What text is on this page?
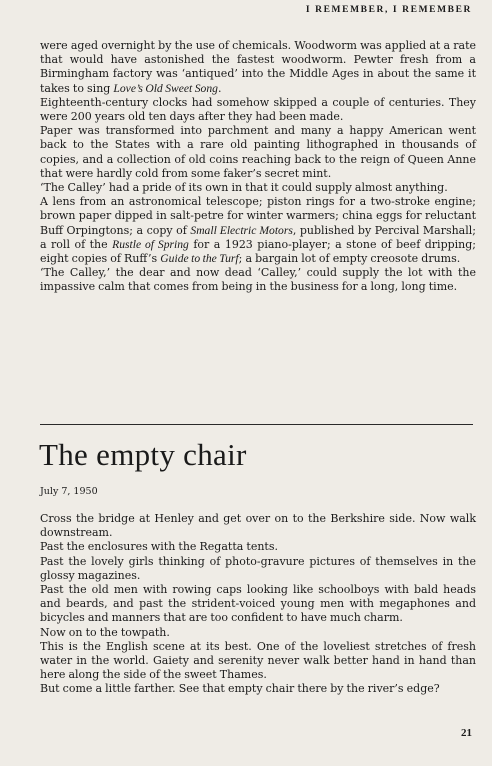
I REMEMBER, I REMEMBER

were aged overnight by the use of chemicals. Woodworm was applied at a rate that would have astonished the fastest woodworm. Pewter fresh from a Birmingham factory was ‘antiqued’ into the Middle Ages in about the same it takes to sing Love’s Old Sweet Song.

Eighteenth-century clocks had somehow skipped a couple of centuries. They were 200 years old ten days after they had been made.

Paper was transformed into parchment and many a happy American went back to the States with a rare old painting lithographed in thousands of copies, and a collection of old coins reaching back to the reign of Queen Anne that were hardly cold from some faker’s secret mint.

‘The Calley’ had a pride of its own in that it could supply almost anything.

A lens from an astronomical telescope; piston rings for a two-stroke engine; brown paper dipped in salt-petre for winter warmers; china eggs for reluctant Buff Orpingtons; a copy of Small Electric Motors, published by Percival Marshall; a roll of the Rustle of Spring for a 1923 piano-player; a stone of beef dripping; eight copies of Ruff’s Guide to the Turf; a bargain lot of empty creosote drums.

‘The Calley,’ the dear and now dead ‘Calley,’ could supply the lot with the impassive calm that comes from being in the business for a long, long time.

The empty chair
July 7, 1950

Cross the bridge at Henley and get over on to the Berkshire side. Now walk downstream.

Past the enclosures with the Regatta tents.

Past the lovely girls thinking of photo-gravure pictures of themselves in the glossy magazines.

Past the old men with rowing caps looking like schoolboys with bald heads and beards, and past the strident-voiced young men with megaphones and bicycles and manners that are too confident to have much charm.

Now on to the towpath.

This is the English scene at its best. One of the loveliest stretches of fresh water in the world. Gaiety and serenity never walk better hand in hand than here along the side of the sweet Thames.

But come a little farther. See that empty chair there by the river’s edge?

21
